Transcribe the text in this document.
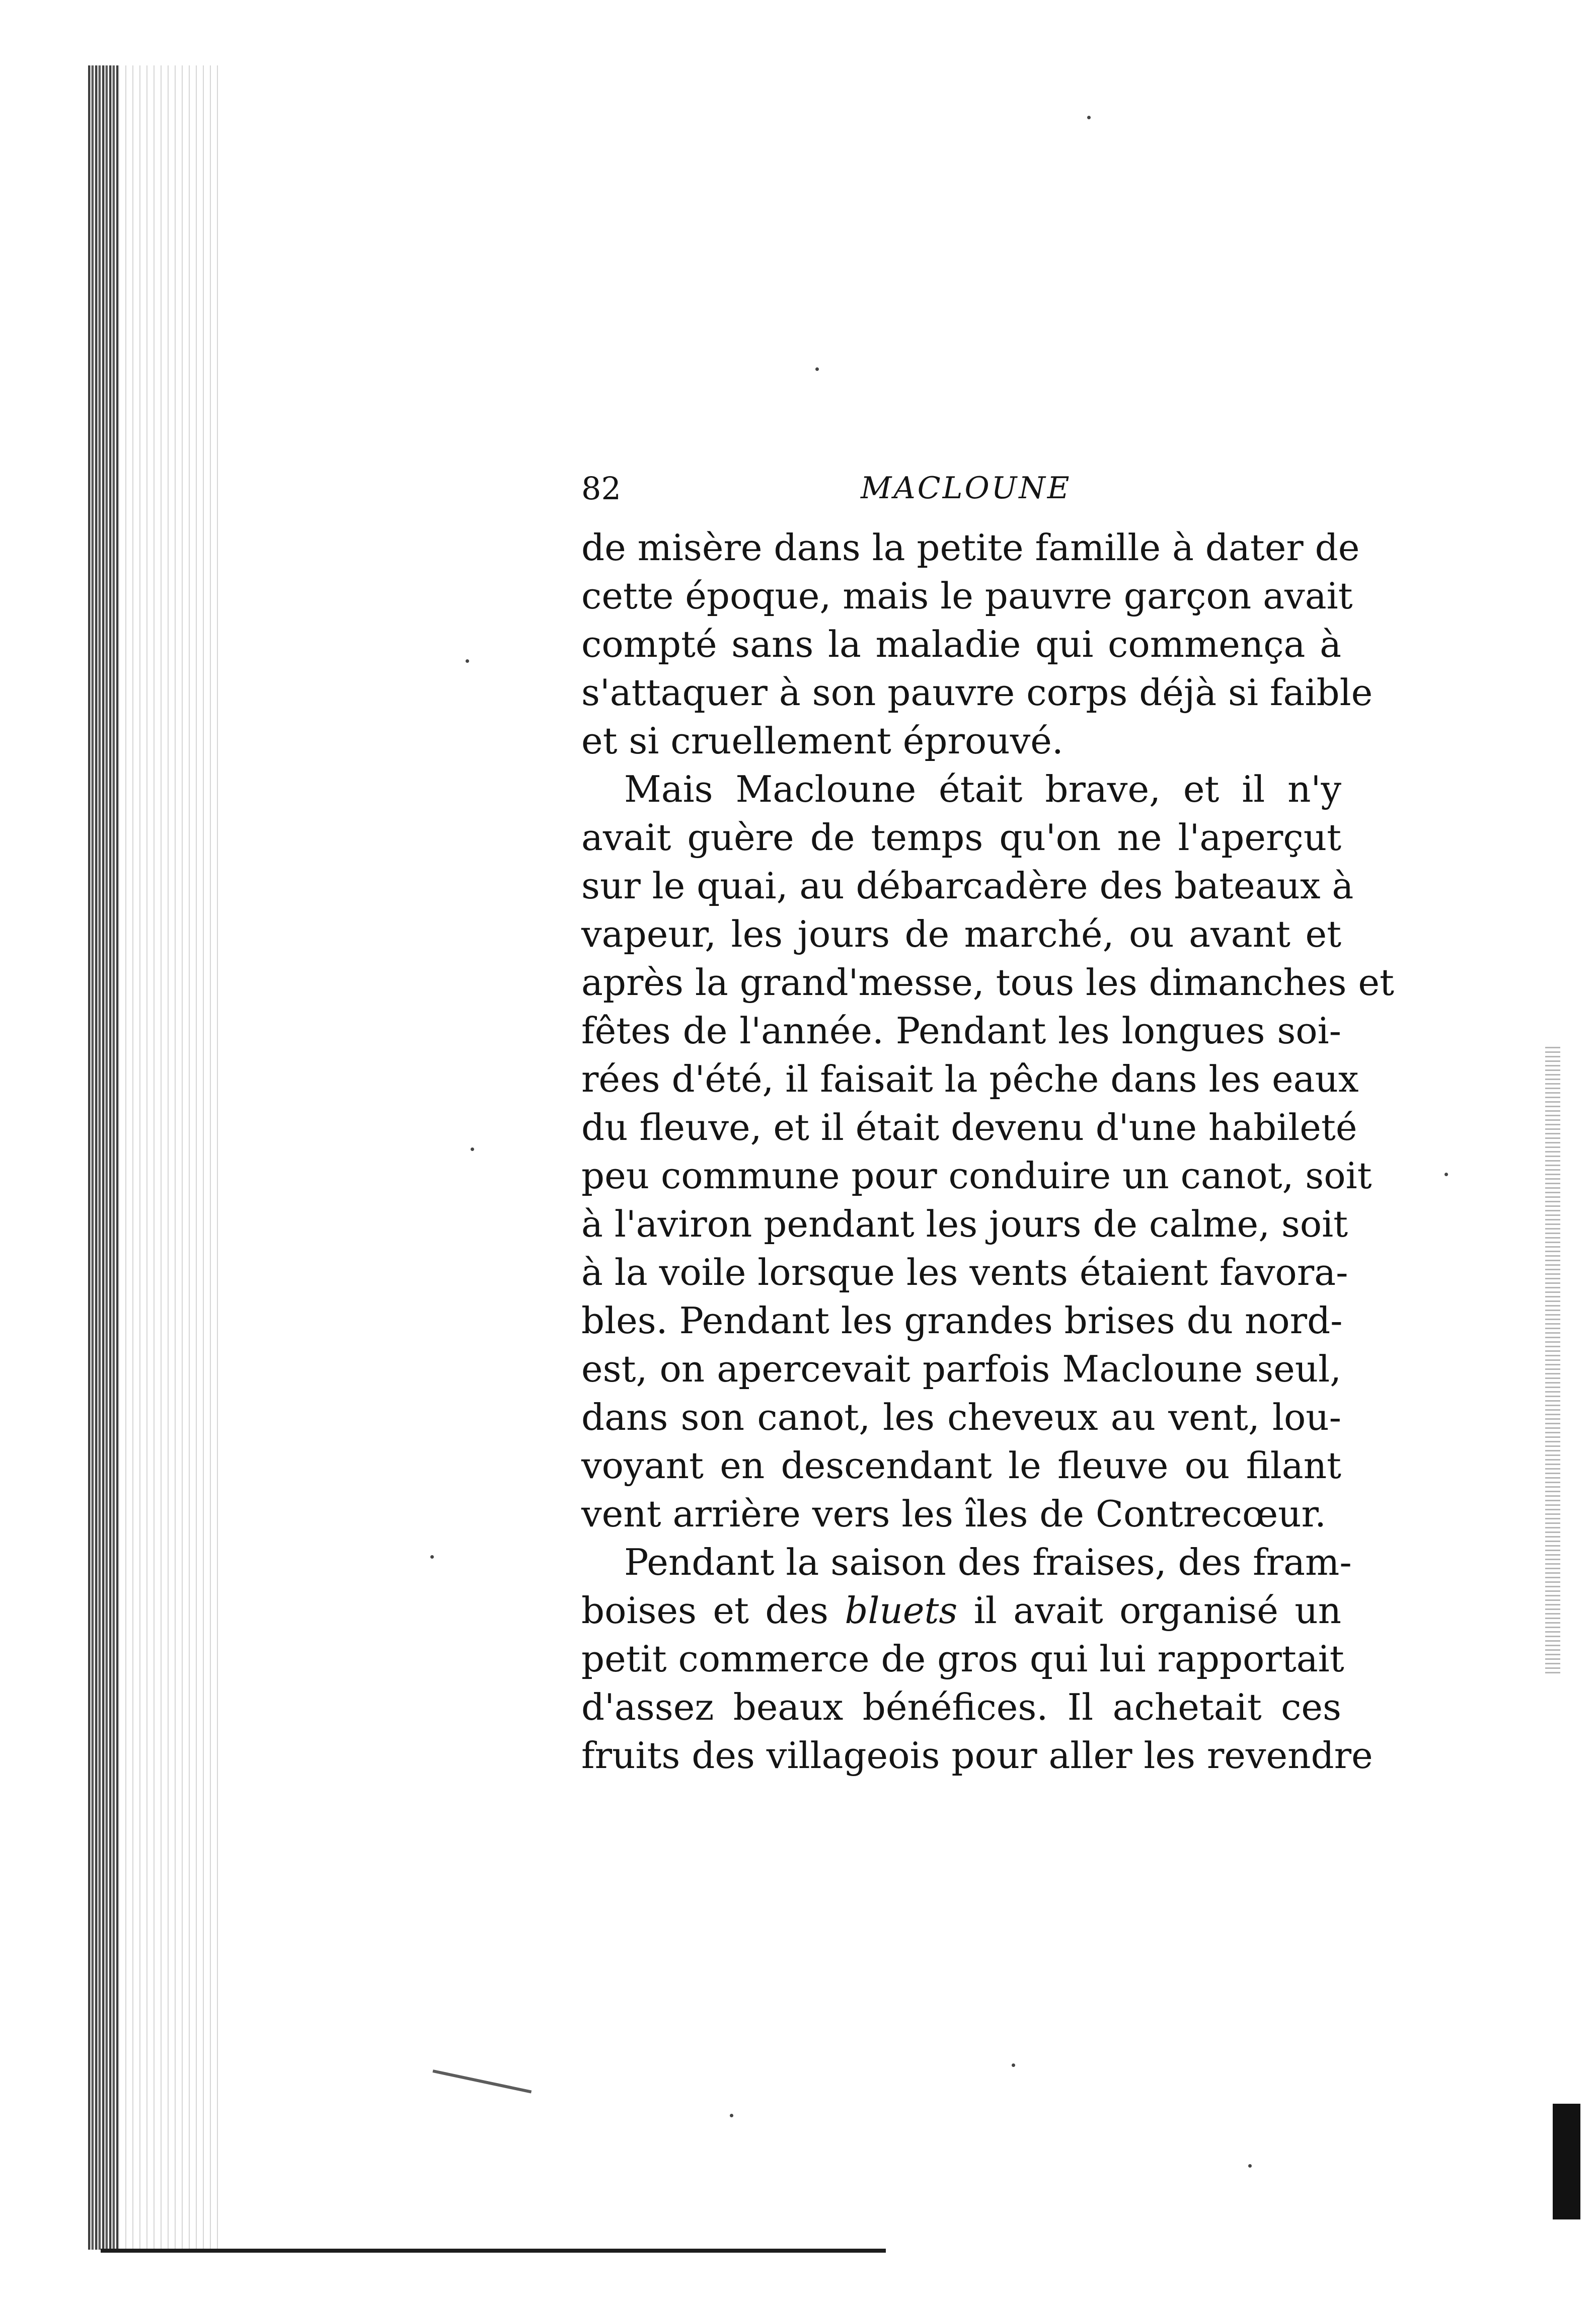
82	MACLOUNE

de misère dans la petite famille à dater de
cette époque, mais le pauvre garçon avait
compté sans la maladie qui commença à
s'attaquer à son pauvre corps déjà si faible
et si cruellement éprouvé.

Mais Macloune était brave, et il n'y
avait guère de temps qu'on ne l'aperçut
sur le quai, au débarcadère des bateaux à
vapeur, les jours de marché, ou avant et
après la grand'messe, tous les dimanches et
fêtes de l'année. Pendant les longues soi-
rées d'été, il faisait la pêche dans les eaux
du fleuve, et il était devenu d'une habileté
peu commune pour conduire un canot, soit
à l'aviron pendant les jours de calme, soit
à la voile lorsque les vents étaient favora-
bles. Pendant les grandes brises du nord-
est, on apercevait parfois Macloune seul,
dans son canot, les cheveux au vent, lou-
voyant en descendant le fleuve ou filant
vent arrière vers les îles de Contrecœur.

Pendant la saison des fraises, des fram-
boises et des bluets il avait organisé un
petit commerce de gros qui lui rapportait
d'assez beaux bénéfices. Il achetait ces
fruits des villageois pour aller les revendre
